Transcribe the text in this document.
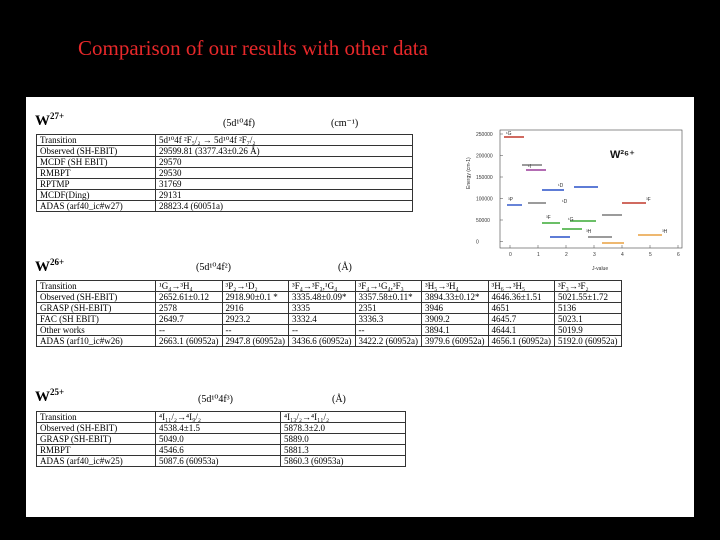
Comparison of our results with other data
$W^{27+}$
(5d¹⁰4f)	(cm⁻¹)
Transition	5d¹⁰4f ²F₅/₂ → 5d¹⁰4f ²F₇/₂
Observed (SH-EBIT)	29599.81 (3377.43±0.26 Å)
MCDF (SH EBIT)	29570
RMBPT	29530
RPTMP	31769
MCDF(Ding)	29131
ADAS (arf40_ic#w27)	28823.4 (60051a)
$W^{26+}$	(5d¹⁰4f²)	(Å)
Transition	¹G₄→³H₄	³P₂→¹D₂	³F₄→³F₃,¹G₄	³F₄→¹G₄,³F₃	³H₅→³H₄	³H₆→³H₅	³F₃→³F₂
Observed (SH-EBIT)	2652.61±0.12	2918.90±0.1 *	3335.48±0.09*	3357.58±0.11*	3894.33±0.12*	4646.36±1.51	5021.55±1.72
GRASP (SH-EBIT)	2578	2916	3335	2351	3946	4651	5136
FAC (SH EBIT)	2649.7	2923.2	3332.4	3336.3	3909.2	4645.7	5023.1
Other works	--	--	--	--	3894.1	4644.1	5019.9
ADAS (arf10_ic#w26)	2663.1 (60952a)	2947.8 (60952a)	3436.6 (60952a)	3422.2 (60952a)	3979.6 (60952a)	4656.1 (60952a)	5192.0 (60952a)
$W^{25+}$
(5d¹⁰4f³)	(Å)
Transition	⁴I₁₁/₂→⁴I₉/₂	⁴I₁₃/₂→⁴I₁₁/₂
Observed (SH-EBIT)	4538.4±1.5	5878.3±2.0
GRASP (SH-EBIT)	5049.0	5889.0
RMBPT	4546.6	5881.3
ADAS (arf40_ic#w25)	5087.6 (60953a)	5860.3 (60953a)
Energy (cm-1)
J-value
W²⁶⁺
250000
200000
150000
100000
50000
0
0	1	2	3	4	5	6
¹G
¹I
¹D
³P	¹D
³F	¹G
³H
³F
³H
